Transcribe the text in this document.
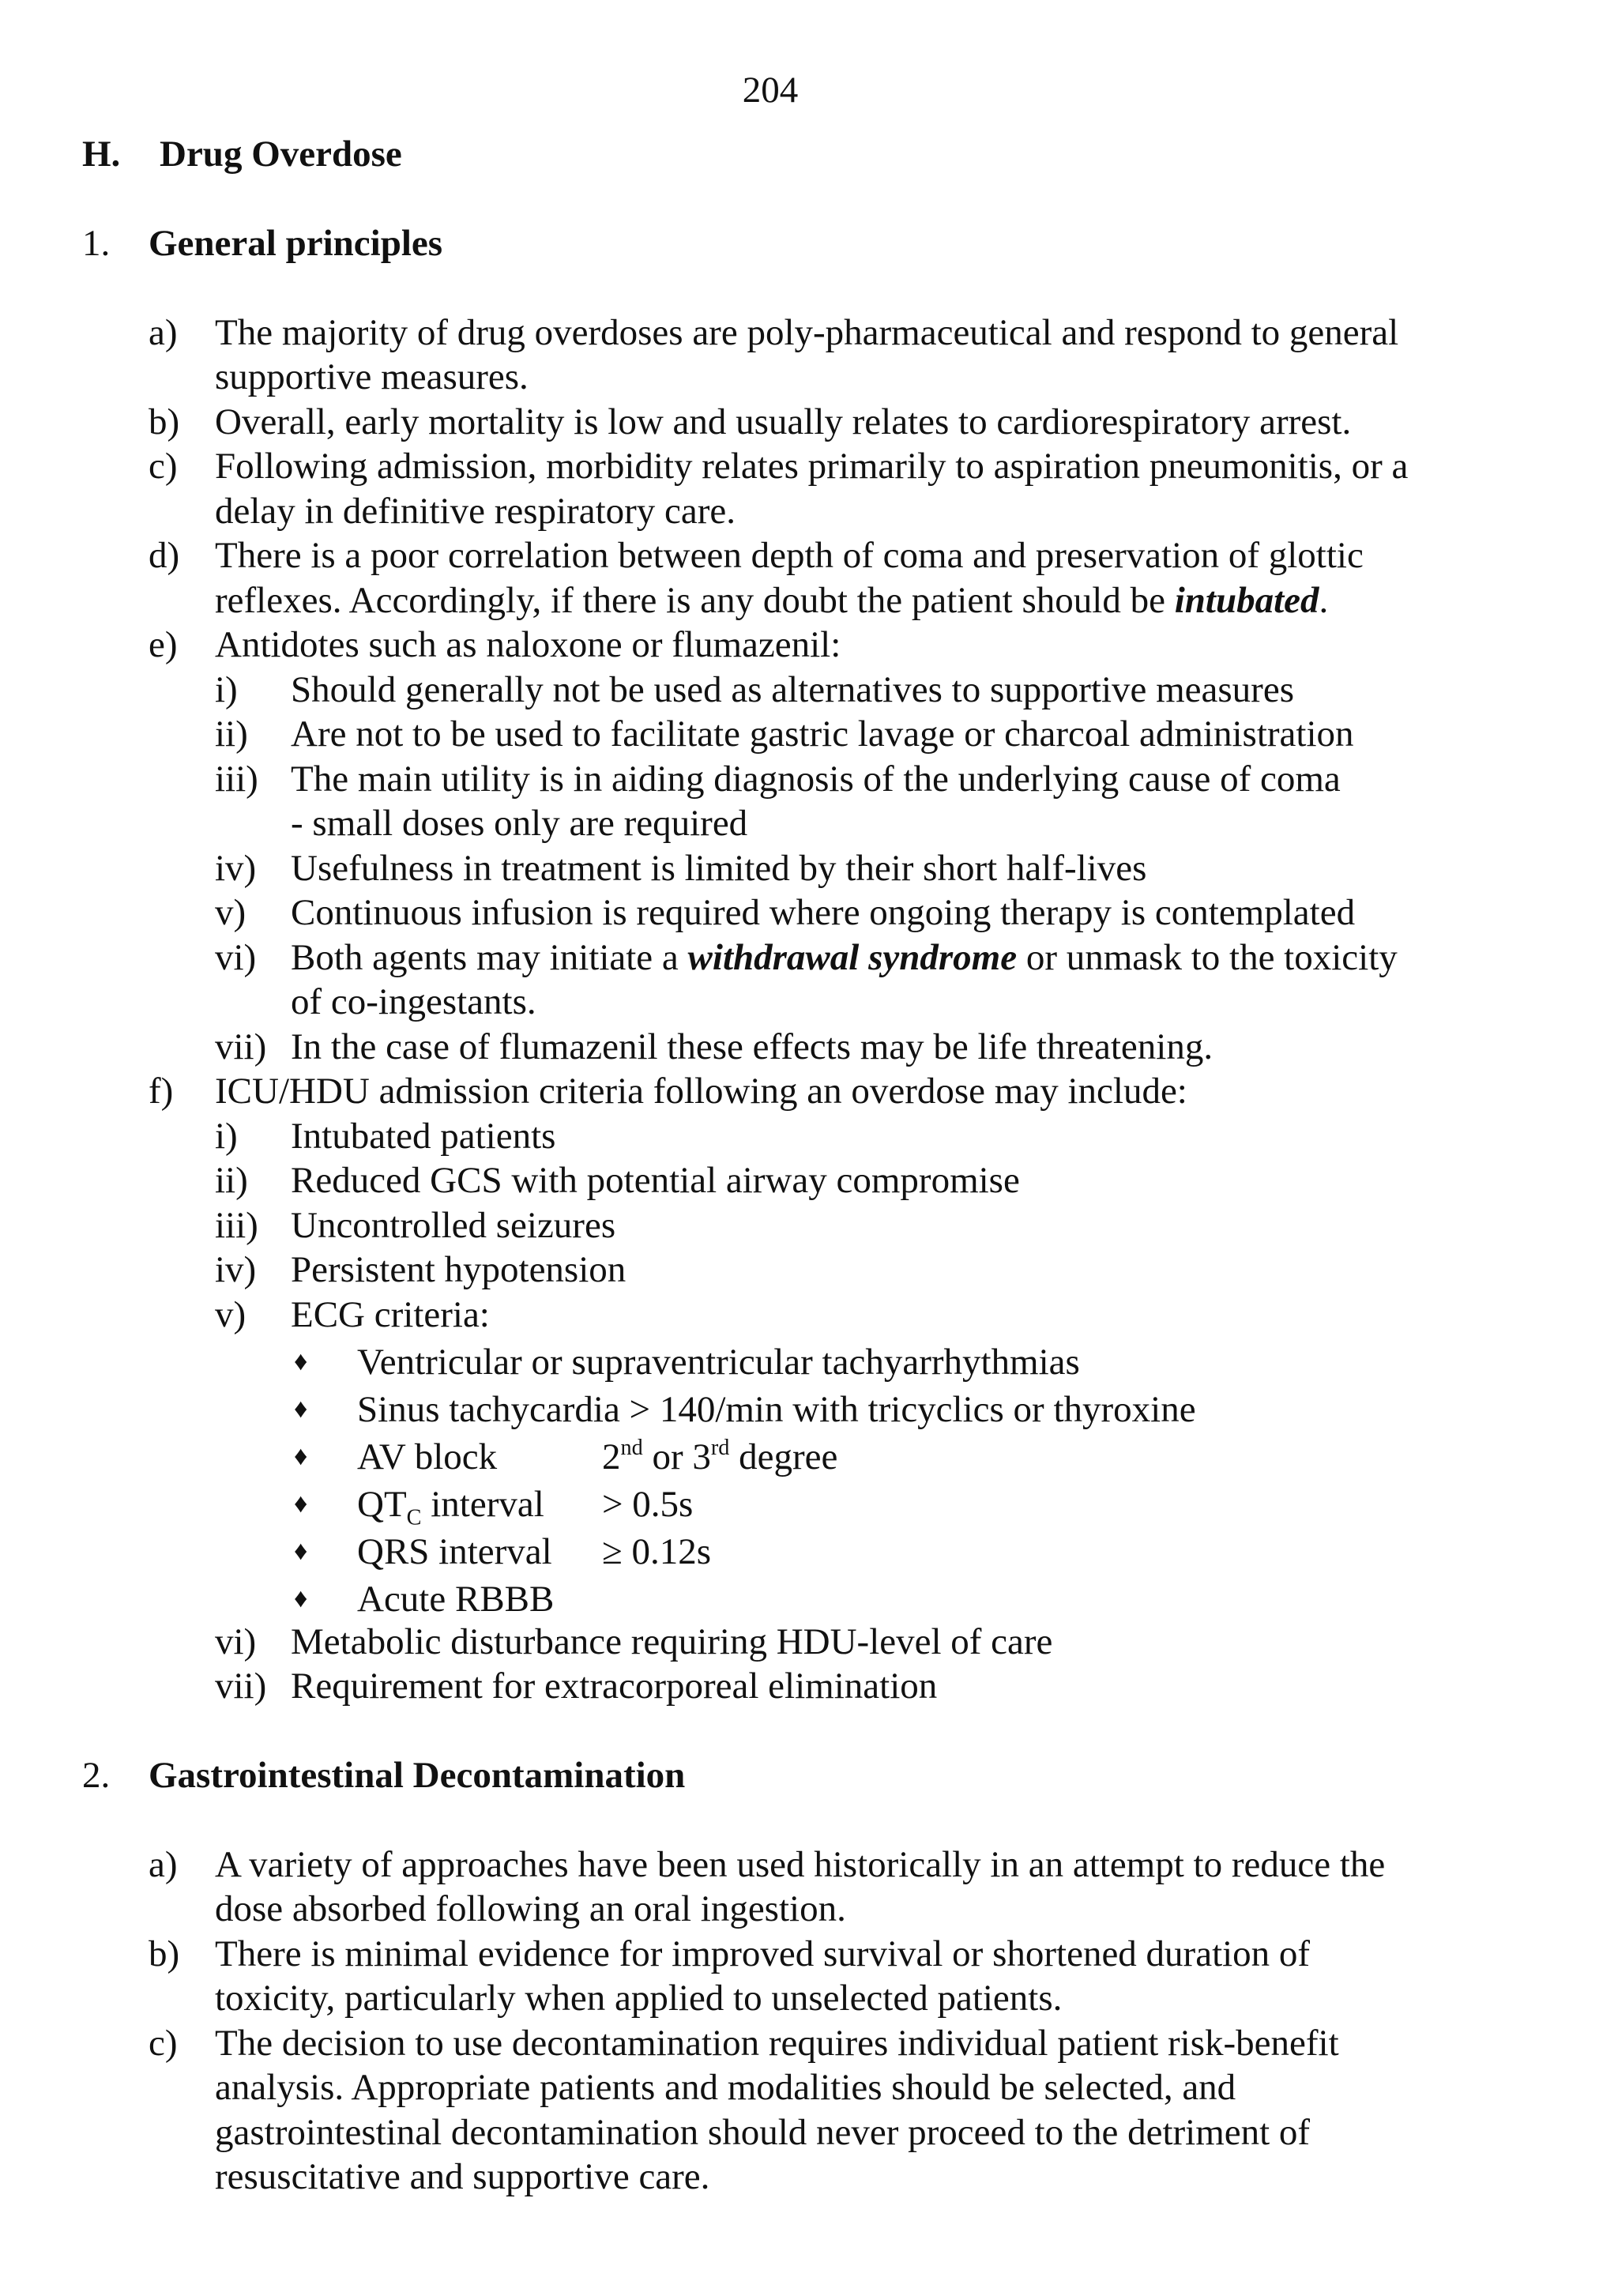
204
H. Drug Overdose
1. General principles
a) The majority of drug overdoses are poly-pharmaceutical and respond to general
supportive measures.
b) Overall, early mortality is low and usually relates to cardiorespiratory arrest.
c) Following admission, morbidity relates primarily to aspiration pneumonitis, or a
delay in definitive respiratory care.
d) There is a poor correlation between depth of coma and preservation of glottic
reflexes. Accordingly, if there is any doubt the patient should be intubated.
e) Antidotes such as naloxone or flumazenil:
i) Should generally not be used as alternatives to supportive measures
ii) Are not to be used to facilitate gastric lavage or charcoal administration
iii) The main utility is in aiding diagnosis of the underlying cause of coma
- small doses only are required
iv) Usefulness in treatment is limited by their short half-lives
v) Continuous infusion is required where ongoing therapy is contemplated
vi) Both agents may initiate a withdrawal syndrome or unmask to the toxicity
of co-ingestants.
vii) In the case of flumazenil these effects may be life threatening.
f) ICU/HDU admission criteria following an overdose may include:
i) Intubated patients
ii) Reduced GCS with potential airway compromise
iii) Uncontrolled seizures
iv) Persistent hypotension
v) ECG criteria:
♦ Ventricular or supraventricular tachyarrhythmias
♦ Sinus tachycardia > 140/min with tricyclics or thyroxine
♦ AV block	2nd or 3rd degree
♦ $QT_C$ interval > 0.5s
♦ QRS interval ≥ 0.12s
♦ Acute RBBB
vi) Metabolic disturbance requiring HDU-level of care
vii) Requirement for extracorporeal elimination
2. Gastrointestinal Decontamination
a) A variety of approaches have been used historically in an attempt to reduce the
dose absorbed following an oral ingestion.
b) There is minimal evidence for improved survival or shortened duration of
toxicity, particularly when applied to unselected patients.
c) The decision to use decontamination requires individual patient risk-benefit
analysis. Appropriate patients and modalities should be selected, and
gastrointestinal decontamination should never proceed to the detriment of
resuscitative and supportive care.
